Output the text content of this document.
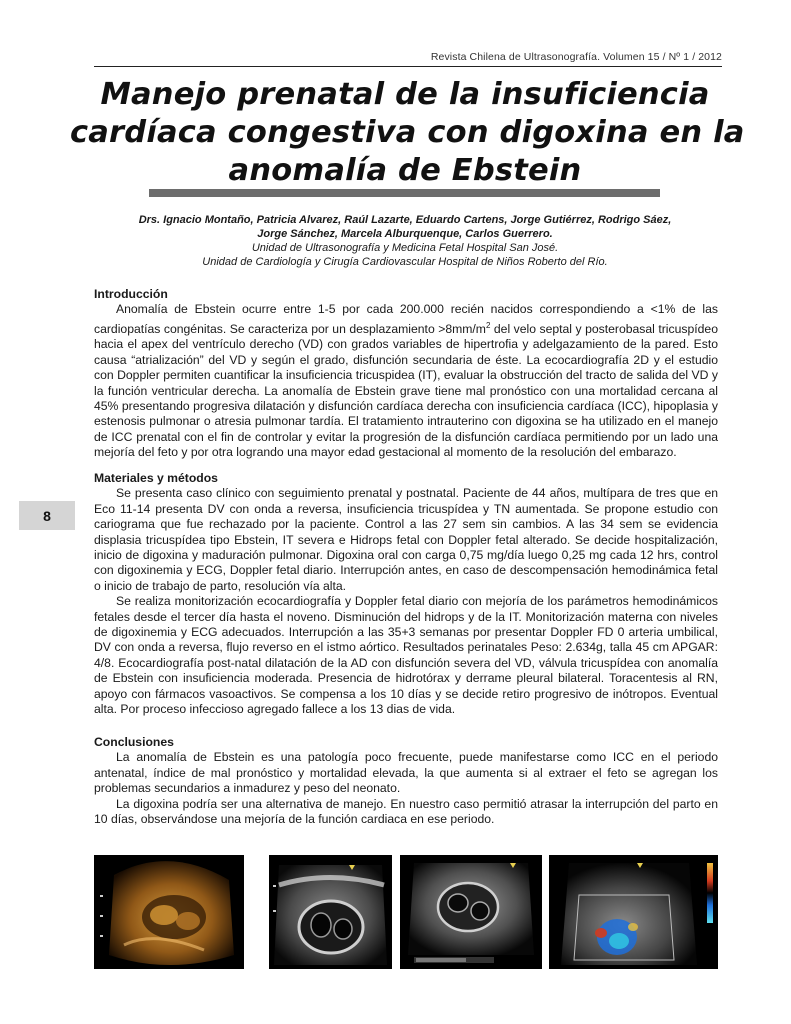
Revista Chilena de Ultrasonografía. Volumen 15 / Nº 1 / 2012
Manejo prenatal de la insuficiencia
cardíaca congestiva con digoxina en la
anomalía de Ebstein
Drs. Ignacio Montaño, Patricia Alvarez, Raúl Lazarte, Eduardo Cartens, Jorge Gutiérrez, Rodrigo Sáez,
Jorge Sánchez, Marcela Alburquenque, Carlos Guerrero.
Unidad de Ultrasonografía y Medicina Fetal Hospital San José.
Unidad de Cardiología y Cirugía Cardiovascular Hospital de Niños Roberto del Río.
8
Introducción

Anomalía de Ebstein ocurre entre 1-5 por cada 200.000 recién nacidos correspondiendo a <1% de las cardiopatías congénitas. Se caracteriza por un desplazamiento $>8mm/m^2$ del velo septal y posterobasal tricuspídeo hacia el apex del ventrículo derecho (VD) con grados variables de hipertrofia y adelgazamiento de la pared. Esto causa “atrialización” del VD y según el grado, disfunción secundaria de éste. La ecocardiografía 2D y el estudio con Doppler permiten cuantificar la insuficiencia tricuspidea (IT), evaluar la obstrucción del tracto de salida del VD y la función ventricular derecha. La anomalía de Ebstein grave tiene mal pronóstico con una mortalidad cercana al 45% presentando progresiva dilatación y disfunción cardíaca derecha con insuficiencia cardíaca (ICC), hipoplasia y estenosis pulmonar o atresia pulmonar tardía. El tratamiento intrauterino con digoxina se ha utilizado en el manejo de ICC prenatal con el fin de controlar y evitar la progresión de la disfunción cardíaca permitiendo por un lado una mejoría del feto y por otra logrando una mayor edad gestacional al momento de la resolución del embarazo.

Materiales y métodos

Se presenta caso clínico con seguimiento prenatal y postnatal. Paciente de 44 años, multípara de tres que en Eco 11-14 presenta DV con onda a reversa, insuficiencia tricuspídea y TN aumentada. Se propone estudio con cariograma que fue rechazado por la paciente. Control a las 27 sem sin cambios. A las 34 sem se evidencia displasia tricuspídea tipo Ebstein, IT severa e Hidrops fetal con Doppler fetal alterado. Se decide hospitalización, inicio de digoxina y maduración pulmonar. Digoxina oral con carga 0,75 mg/día luego 0,25 mg cada 12 hrs, control con digoxinemia y ECG, Doppler fetal diario. Interrupción antes, en caso de descompensación hemodinámica fetal o inicio de trabajo de parto, resolución vía alta.

Se realiza monitorización ecocardiografía y Doppler fetal diario con mejoría de los parámetros hemodinámicos fetales desde el tercer día hasta el noveno. Disminución del hidrops y de la IT. Monitorización materna con niveles de digoxinemia y ECG adecuados. Interrupción a las 35+3 semanas por presentar Doppler FD 0 arteria umbilical, DV con onda a reversa, flujo reverso en el istmo aórtico. Resultados perinatales Peso: 2.634g, talla 45 cm APGAR: 4/8. Ecocardiografía post-natal dilatación de la AD con disfunción severa del VD, válvula tricuspídea con anomalía de Ebstein con insuficiencia moderada. Presencia de hidrotórax y derrame pleural bilateral. Toracentesis al RN, apoyo con fármacos vasoactivos. Se compensa a los 10 días y se decide retiro progresivo de inótropos. Eventual alta. Por proceso infeccioso agregado fallece a los 13 dias de vida.

Conclusiones

La anomalía de Ebstein es una patología poco frecuente, puede manifestarse como ICC en el periodo antenatal, índice de mal pronóstico y mortalidad elevada, la que aumenta si al extraer el feto se agregan los problemas secundarios a inmadurez y peso del neonato.

La digoxina podría ser una alternativa de manejo. En nuestro caso permitió atrasar la interrupción del parto en 10 días, observándose una mejoría de la función cardiaca en ese periodo.
